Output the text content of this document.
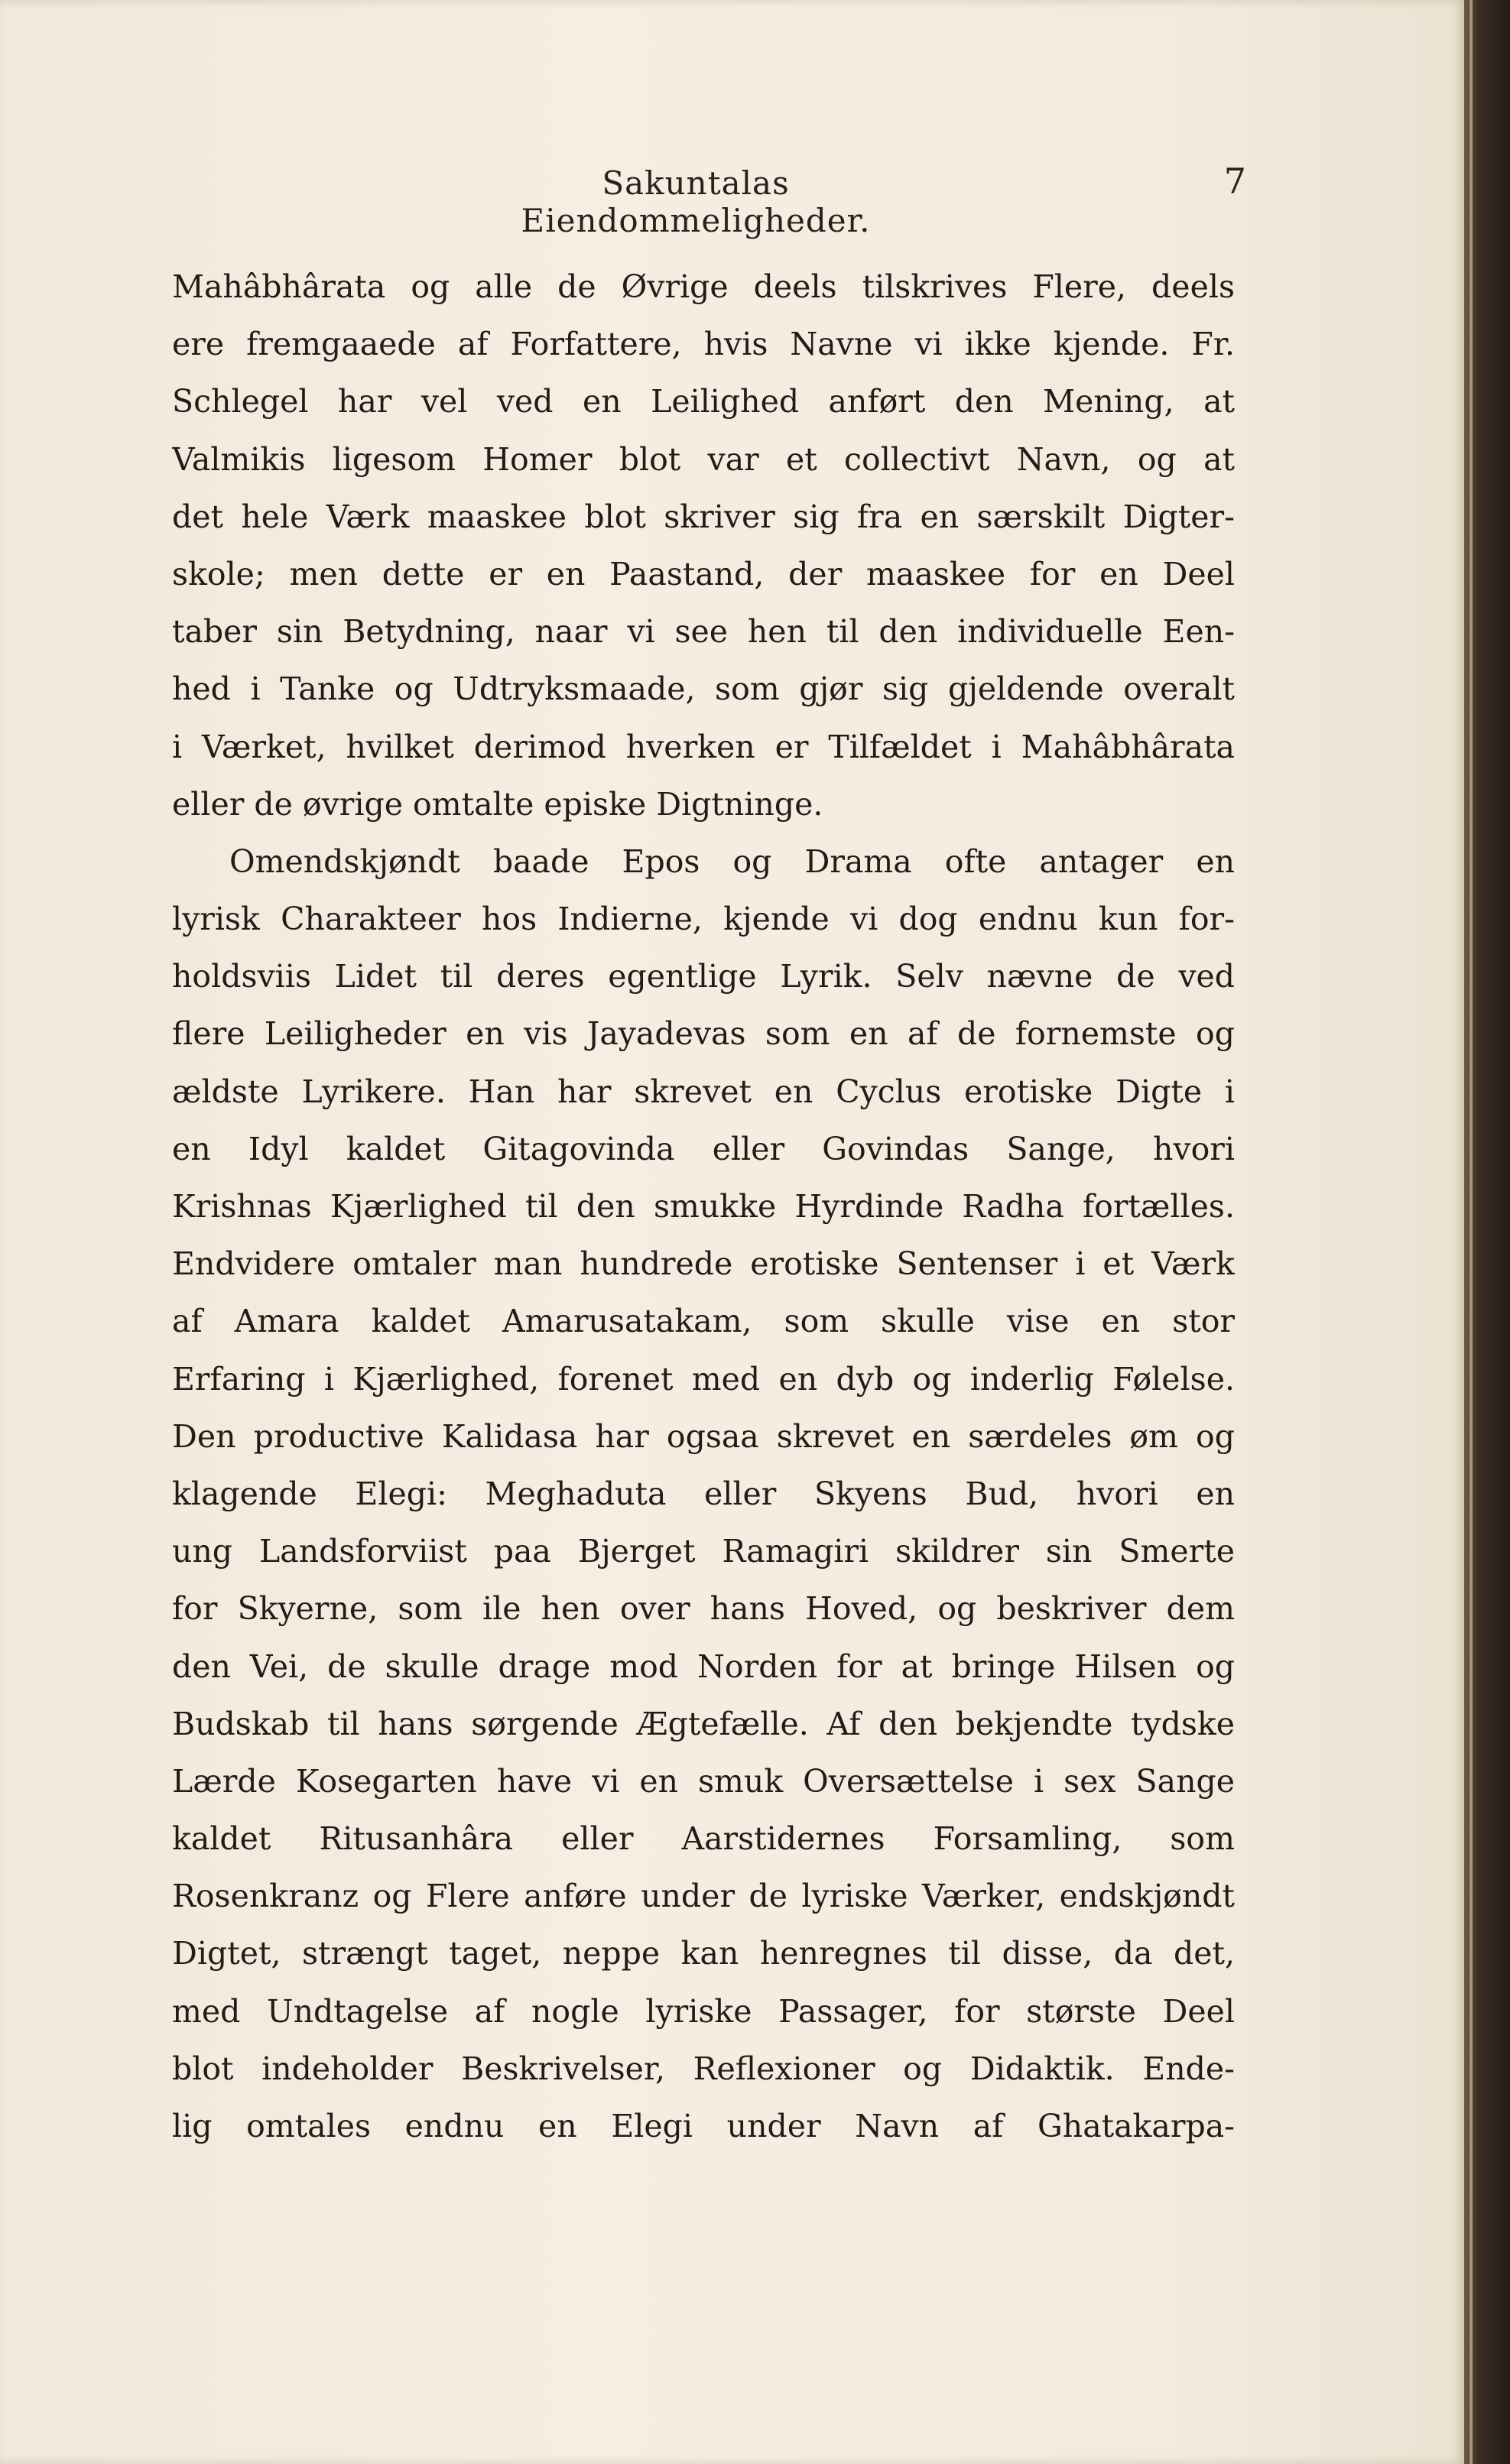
Sakuntalas Eiendommeligheder.
7
Mahâbhârata og alle de Øvrige deels tilskrives Flere, deels
ere fremgaaede af Forfattere, hvis Navne vi ikke kjende. Fr.
Schlegel har vel ved en Leilighed anført den Mening, at
Valmikis ligesom Homer blot var et collectivt Navn, og at
det hele Værk maaskee blot skriver sig fra en særskilt Digter-
skole; men dette er en Paastand, der maaskee for en Deel
taber sin Betydning, naar vi see hen til den individuelle Een-
hed i Tanke og Udtryksmaade, som gjør sig gjeldende overalt
i Værket, hvilket derimod hverken er Tilfældet i Mahâbhârata
eller de øvrige omtalte episke Digtninge.
Omendskjøndt baade Epos og Drama ofte antager en
lyrisk Charakteer hos Indierne, kjende vi dog endnu kun for-
holdsviis Lidet til deres egentlige Lyrik. Selv nævne de ved
flere Leiligheder en vis Jayadevas som en af de fornemste og
ældste Lyrikere. Han har skrevet en Cyclus erotiske Digte i
en Idyl kaldet Gitagovinda eller Govindas Sange, hvori
Krishnas Kjærlighed til den smukke Hyrdinde Radha fortælles.
Endvidere omtaler man hundrede erotiske Sentenser i et Værk
af Amara kaldet Amarusatakam, som skulle vise en stor
Erfaring i Kjærlighed, forenet med en dyb og inderlig Følelse.
Den productive Kalidasa har ogsaa skrevet en særdeles øm og
klagende Elegi: Meghaduta eller Skyens Bud, hvori en
ung Landsforviist paa Bjerget Ramagiri skildrer sin Smerte
for Skyerne, som ile hen over hans Hoved, og beskriver dem
den Vei, de skulle drage mod Norden for at bringe Hilsen og
Budskab til hans sørgende Ægtefælle. Af den bekjendte tydske
Lærde Kosegarten have vi en smuk Oversættelse i sex Sange
kaldet Ritusanhâra eller Aarstidernes Forsamling, som
Rosenkranz og Flere anføre under de lyriske Værker, endskjøndt
Digtet, strængt taget, neppe kan henregnes til disse, da det,
med Undtagelse af nogle lyriske Passager, for største Deel
blot indeholder Beskrivelser, Reflexioner og Didaktik. Ende-
lig omtales endnu en Elegi under Navn af Ghatakarpa-
